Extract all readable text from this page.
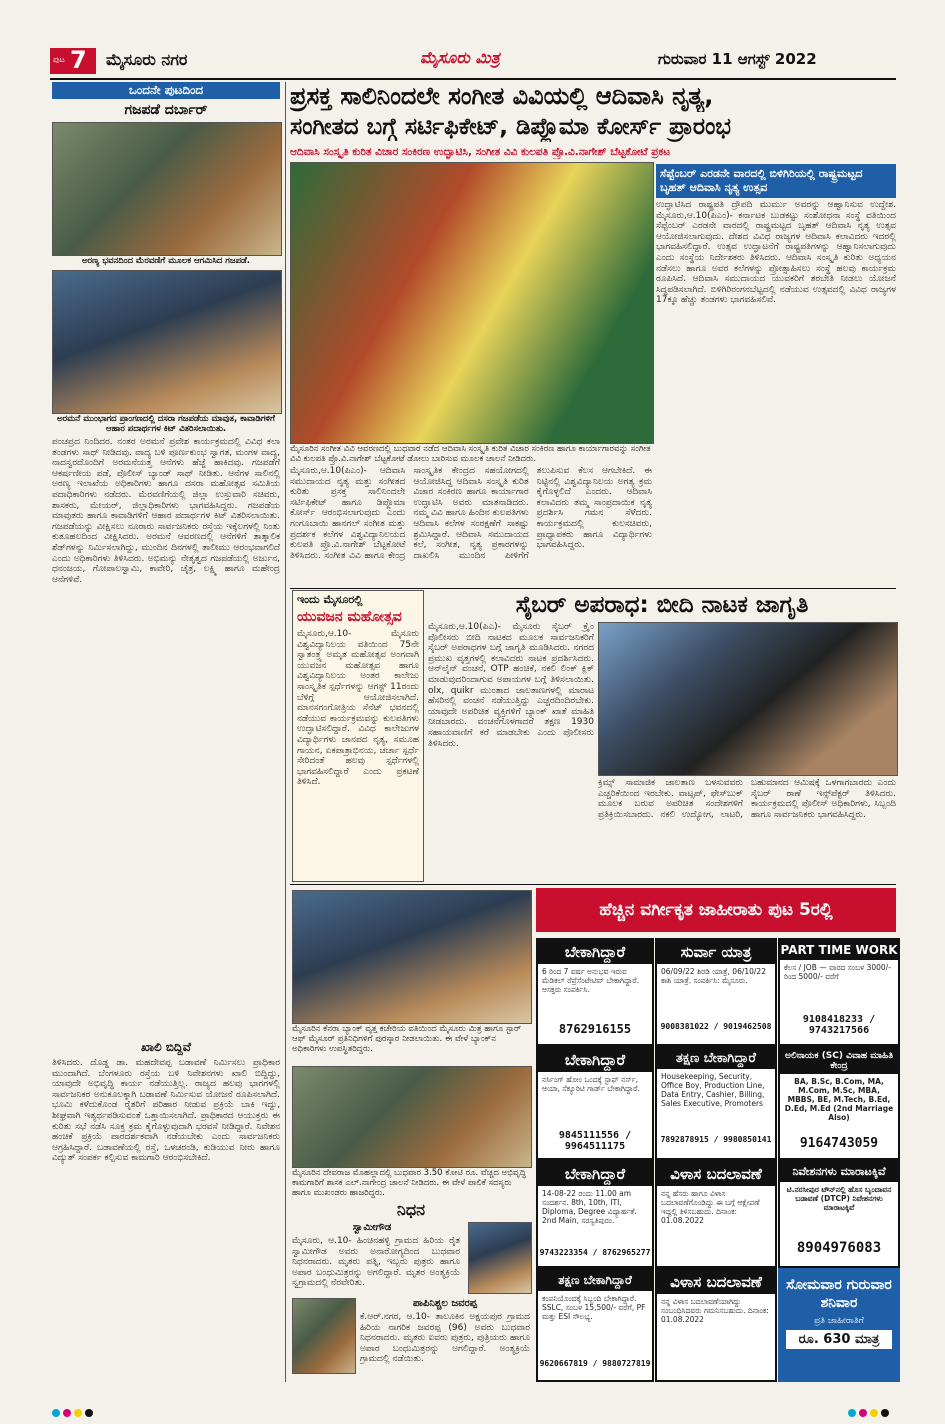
ಪುಟ 7 ಮೈಸೂರು ನಗರ	ಮೈಸೂರು ಮಿತ್ರ	ಗುರುವಾರ 11 ಆಗಸ್ಟ್ 2022
ಒಂದನೇ ಪುಟದಿಂದ
ಗಜಪಡೆ ದರ್ಬಾರ್
ಅರಣ್ಯ ಭವನದಿಂದ ಮೆರವಣಿಗೆ ಮೂಲಕ ಆಗಮಿಸಿದ ಗಜಪಡೆ.
ಅರಮನೆ ಮುಂಭಾಗದ ಪ್ರಾಂಗಣದಲ್ಲಿ ದಸರಾ ಗಜಪಡೆಯ ಮಾವುತ, ಕಾವಾಡಿಗಳಿಗೆ ಆಹಾರ ಪದಾರ್ಥಗಳ ಕಿಟ್ ವಿತರಿಸಲಾಯಿತು.
ಪಂಚಪ್ರದ ನಿಂದಿದರ. ನಂತರ ಅರಮನೆ ಪ್ರವೇಶ ಕಾರ್ಯಕ್ರಮದಲ್ಲಿ ವಿವಿಧ ಕಲಾ ತಂಡಗಳು ಸಾಥ್ ನೀಡಿದವು. ವಾದ್ಯ ಬಳಿ ಪೂರ್ಣಕುಂಭ ಸ್ವಾಗತ, ಮಂಗಳ ವಾದ್ಯ, ನಾದಸ್ವರದೊಂದಿಗೆ ಅರಮನೆಯತ್ತ ಆನೆಗಳು ಹೆಜ್ಜೆ ಹಾಕಿದವು. ಗಜಪಡೆಗೆ ಆಕರ್ಷಣೀಯ ಪಡೆ, ಪೊಲೀಸ್ ಬ್ಯಾಂಡ್ ಸಾಥ್ ನೀಡಿತು. ಆನೆಗಳ ಸಾಲಿನಲ್ಲಿ ಅರಣ್ಯ ಇಲಾಖೆಯ ಅಧಿಕಾರಿಗಳು ಹಾಗೂ ದಸರಾ ಮಹೋತ್ಸವ ಸಮಿತಿಯ ಪದಾಧಿಕಾರಿಗಳು ನಡೆದರು. ಮೆರವಣಿಗೆಯಲ್ಲಿ ಜಿಲ್ಲಾ ಉಸ್ತುವಾರಿ ಸಚಿವರು, ಶಾಸಕರು, ಮೇಯರ್, ಜಿಲ್ಲಾಧಿಕಾರಿಗಳು ಭಾಗವಹಿಸಿದ್ದರು. ಗಜಪಡೆಯ ಮಾವುತರು ಹಾಗೂ ಕಾವಾಡಿಗಳಿಗೆ ಆಹಾರ ಪದಾರ್ಥಗಳ ಕಿಟ್ ವಿತರಿಸಲಾಯಿತು. ಗಜಪಡೆಯನ್ನು ವೀಕ್ಷಿಸಲು ನೂರಾರು ಸಾರ್ವಜನಿಕರು ರಸ್ತೆಯ ಇಕ್ಕೆಲಗಳಲ್ಲಿ ನಿಂತು ಕುತೂಹಲದಿಂದ ವೀಕ್ಷಿಸಿದರು. ಅರಮನೆ ಆವರಣದಲ್ಲಿ ಆನೆಗಳಿಗೆ ತಾತ್ಕಾಲಿಕ ಶೆಡ್‌ಗಳನ್ನು ನಿರ್ಮಿಸಲಾಗಿದ್ದು, ಮುಂದಿನ ದಿನಗಳಲ್ಲಿ ತಾಲೀಮು ಆರಂಭವಾಗಲಿದೆ ಎಂದು ಅಧಿಕಾರಿಗಳು ತಿಳಿಸಿದರು. ಅಭಿಮನ್ಯು ನೇತೃತ್ವದ ಗಜಪಡೆಯಲ್ಲಿ ಅರ್ಜುನ, ಧನಂಜಯ, ಗೋಪಾಲಸ್ವಾಮಿ, ಕಾವೇರಿ, ಚೈತ್ರ, ಲಕ್ಷ್ಮಿ ಹಾಗೂ ಮಹೇಂದ್ರ ಆನೆಗಳಿವೆ.
ಖಾಲಿ ಬಿದ್ದಿವೆ
ತಿಳಿಸಿದರು. ದೊಡ್ಡ ಡಾ. ಮಹದೇವಪ್ಪ ಬಡಾವಣೆ ನಿರ್ಮಿಸಲು ಪ್ರಾಧಿಕಾರ ಮುಂದಾಗಿದೆ. ಬೆಂಗಳೂರು ರಸ್ತೆಯ ಬಳಿ ನಿವೇಶನಗಳು ಖಾಲಿ ಬಿದ್ದಿದ್ದು, ಯಾವುದೇ ಅಭಿವೃದ್ಧಿ ಕಾರ್ಯ ನಡೆಯುತ್ತಿಲ್ಲ. ರಾಜ್ಯದ ಹಲವು ಭಾಗಗಳಲ್ಲಿ ಸಾರ್ವಜನಿಕರ ಅನುಕೂಲಕ್ಕಾಗಿ ಬಡಾವಣೆ ನಿರ್ಮಿಸುವ ಯೋಜನೆ ರೂಪಿಸಲಾಗಿದೆ. ಭೂಮಿ ಕಳೆದುಕೊಂಡ ರೈತರಿಗೆ ಪರಿಹಾರ ನೀಡುವ ಪ್ರಕ್ರಿಯೆ ಬಾಕಿ ಇದ್ದು, ಶೀಘ್ರವಾಗಿ ಇತ್ಯರ್ಥಪಡಿಸುವಂತೆ ಒತ್ತಾಯಿಸಲಾಗಿದೆ. ಪ್ರಾಧಿಕಾರದ ಆಯುಕ್ತರು ಈ ಕುರಿತು ಸಭೆ ನಡೆಸಿ ಸೂಕ್ತ ಕ್ರಮ ಕೈಗೊಳ್ಳುವುದಾಗಿ ಭರವಸೆ ನೀಡಿದ್ದಾರೆ. ನಿವೇಶನ ಹಂಚಿಕೆ ಪ್ರಕ್ರಿಯೆ ಪಾರದರ್ಶಕವಾಗಿ ನಡೆಯಬೇಕು ಎಂದು ಸಾರ್ವಜನಿಕರು ಆಗ್ರಹಿಸಿದ್ದಾರೆ. ಬಡಾವಣೆಯಲ್ಲಿ ರಸ್ತೆ, ಒಳಚರಂಡಿ, ಕುಡಿಯುವ ನೀರು ಹಾಗೂ ವಿದ್ಯುತ್ ಸಂಪರ್ಕ ಕಲ್ಪಿಸುವ ಕಾಮಗಾರಿ ಆರಂಭಿಸಬೇಕಿದೆ.
ಪ್ರಸಕ್ತ ಸಾಲಿನಿಂದಲೇ ಸಂಗೀತ ವಿವಿಯಲ್ಲಿ ಆದಿವಾಸಿ ನೃತ್ಯ,
ಸಂಗೀತದ ಬಗ್ಗೆ ಸರ್ಟಿಫಿಕೇಟ್, ಡಿಪ್ಲೊಮಾ ಕೋರ್ಸ್ ಪ್ರಾರಂಭ
ಆದಿವಾಸಿ ಸಂಸ್ಕೃತಿ ಕುರಿತ ವಿಚಾರ ಸಂಕಿರಣ ಉದ್ಘಾಟಿಸಿ, ಸಂಗೀತ ವಿವಿ ಕುಲಪತಿ ಪ್ರೊ.ವಿ.ನಾಗೇಶ್ ಬೆಟ್ಟಕೋಟೆ ಪ್ರಕಟ
ಮೈಸೂರಿನ ಸಂಗೀತ ವಿವಿ ಆವರಣದಲ್ಲಿ ಬುಧವಾರ ನಡೆದ ಆದಿವಾಸಿ ಸಂಸ್ಕೃತಿ ಕುರಿತ ವಿಚಾರ ಸಂಕಿರಣ ಹಾಗೂ ಕಾರ್ಯಾಗಾರವನ್ನು ಸಂಗೀತ ವಿವಿ ಕುಲಪತಿ ಪ್ರೊ.ವಿ.ನಾಗೇಶ್ ಬೆಟ್ಟಕೋಟೆ ಡೋಲು ಬಾರಿಸುವ ಮೂಲಕ ಚಾಲನೆ ನೀಡಿದರು.
ಮೈಸೂರು,ಆ.10(ಪಿಎಂ)- ಆದಿವಾಸಿ ಸಮುದಾಯದ ನೃತ್ಯ ಮತ್ತು ಸಂಗೀತದ ಕುರಿತು ಪ್ರಸಕ್ತ ಸಾಲಿನಿಂದಲೇ ಸರ್ಟಿಫಿಕೇಟ್ ಹಾಗೂ ಡಿಪ್ಲೊಮಾ ಕೋರ್ಸ್ ಆರಂಭಿಸಲಾಗುವುದು ಎಂದು ಗಂಗೂಬಾಯಿ ಹಾನಗಲ್ ಸಂಗೀತ ಮತ್ತು ಪ್ರದರ್ಶಕ ಕಲೆಗಳ ವಿಶ್ವವಿದ್ಯಾನಿಲಯದ ಕುಲಪತಿ ಪ್ರೊ.ವಿ.ನಾಗೇಶ್ ಬೆಟ್ಟಕೋಟೆ ತಿಳಿಸಿದರು. ಸಂಗೀತ ವಿವಿ ಹಾಗೂ ಕೇಂದ್ರ ಸಾಂಸ್ಕೃತಿಕ ಕೇಂದ್ರದ ಸಹಯೋಗದಲ್ಲಿ ಆಯೋಜಿಸಿದ್ದ ಆದಿವಾಸಿ ಸಂಸ್ಕೃತಿ ಕುರಿತ ವಿಚಾರ ಸಂಕಿರಣ ಹಾಗೂ ಕಾರ್ಯಾಗಾರ ಉದ್ಘಾಟಿಸಿ ಅವರು ಮಾತನಾಡಿದರು. ನಮ್ಮ ವಿವಿ ಹಾಗೂ ಹಿಂದಿನ ಕುಲಪತಿಗಳು ಆದಿವಾಸಿ ಕಲೆಗಳ ಸಂರಕ್ಷಣೆಗೆ ಸಾಕಷ್ಟು ಶ್ರಮಿಸಿದ್ದಾರೆ. ಆದಿವಾಸಿ ಸಮುದಾಯದ ಕಲೆ, ಸಂಗೀತ, ನೃತ್ಯ ಪ್ರಕಾರಗಳನ್ನು ದಾಖಲಿಸಿ ಮುಂದಿನ ಪೀಳಿಗೆಗೆ ತಲುಪಿಸುವ ಕೆಲಸ ಆಗಬೇಕಿದೆ. ಈ ನಿಟ್ಟಿನಲ್ಲಿ ವಿಶ್ವವಿದ್ಯಾನಿಲಯ ಅಗತ್ಯ ಕ್ರಮ ಕೈಗೊಳ್ಳಲಿದೆ ಎಂದರು. ಆದಿವಾಸಿ ಕಲಾವಿದರು ತಮ್ಮ ಸಾಂಪ್ರದಾಯಿಕ ನೃತ್ಯ ಪ್ರದರ್ಶಿಸಿ ಗಮನ ಸೆಳೆದರು. ಕಾರ್ಯಕ್ರಮದಲ್ಲಿ ಕುಲಸಚಿವರು, ಪ್ರಾಧ್ಯಾಪಕರು ಹಾಗೂ ವಿದ್ಯಾರ್ಥಿಗಳು ಭಾಗವಹಿಸಿದ್ದರು.
ಸೆಪ್ಟೆಂಬರ್ ಎರಡನೇ ವಾರದಲ್ಲಿ ಬಿಳಿಗಿರಿಯಲ್ಲಿ ರಾಷ್ಟ್ರಮಟ್ಟದ ಬೃಹತ್ ಆದಿವಾಸಿ ನೃತ್ಯ ಉತ್ಸವ
ಉದ್ಘಾಟಿಸಿದ ರಾಷ್ಟ್ರಪತಿ ದ್ರೌಪದಿ ಮುರ್ಮು ಅವರನ್ನು ಆಹ್ವಾನಿಸುವ ಉದ್ದೇಶ. ಮೈಸೂರು,ಆ.10(ಪಿಎಂ)- ಕರ್ನಾಟಕ ಬುಡಕಟ್ಟು ಸಂಶೋಧನಾ ಸಂಸ್ಥೆ ವತಿಯಿಂದ ಸೆಪ್ಟೆಂಬರ್ ಎರಡನೇ ವಾರದಲ್ಲಿ ರಾಷ್ಟ್ರಮಟ್ಟದ ಬೃಹತ್ ಆದಿವಾಸಿ ನೃತ್ಯ ಉತ್ಸವ ಆಯೋಜಿಸಲಾಗುವುದು. ದೇಶದ ವಿವಿಧ ರಾಜ್ಯಗಳ ಆದಿವಾಸಿ ಕಲಾವಿದರು ಇದರಲ್ಲಿ ಭಾಗವಹಿಸಲಿದ್ದಾರೆ. ಉತ್ಸವ ಉದ್ಘಾಟನೆಗೆ ರಾಷ್ಟ್ರಪತಿಗಳನ್ನು ಆಹ್ವಾನಿಸಲಾಗುವುದು ಎಂದು ಸಂಸ್ಥೆಯ ನಿರ್ದೇಶಕರು ತಿಳಿಸಿದರು. ಆದಿವಾಸಿ ಸಂಸ್ಕೃತಿ ಕುರಿತು ಅಧ್ಯಯನ ನಡೆಸಲು ಹಾಗೂ ಅವರ ಕಲೆಗಳನ್ನು ಪ್ರೋತ್ಸಾಹಿಸಲು ಸಂಸ್ಥೆ ಹಲವು ಕಾರ್ಯಕ್ರಮ ರೂಪಿಸಿದೆ. ಆದಿವಾಸಿ ಸಮುದಾಯದ ಯುವಕರಿಗೆ ತರಬೇತಿ ನೀಡಲು ಯೋಜನೆ ಸಿದ್ಧಪಡಿಸಲಾಗಿದೆ. ಬಿಳಿಗಿರಿರಂಗನಬೆಟ್ಟದಲ್ಲಿ ನಡೆಯುವ ಉತ್ಸವದಲ್ಲಿ ವಿವಿಧ ರಾಜ್ಯಗಳ 17ಕ್ಕೂ ಹೆಚ್ಚು ತಂಡಗಳು ಭಾಗವಹಿಸಲಿವೆ.
ಇಂದು ಮೈಸೂರಲ್ಲಿ
ಯುವಜನ ಮಹೋತ್ಸವ
ಮೈಸೂರು,ಆ.10- ಮೈಸೂರು ವಿಶ್ವವಿದ್ಯಾನಿಲಯ ವತಿಯಿಂದ 75ನೇ ಸ್ವಾತಂತ್ರ್ಯ ಅಮೃತ ಮಹೋತ್ಸವ ಅಂಗವಾಗಿ ಯುವಜನ ಮಹೋತ್ಸವ ಹಾಗೂ ವಿಶ್ವವಿದ್ಯಾನಿಲಯ ಅಂತರ ಕಾಲೇಜು ಸಾಂಸ್ಕೃತಿಕ ಸ್ಪರ್ಧೆಗಳನ್ನು ಆಗಸ್ಟ್ 11ರಂದು ಬೆಳಿಗ್ಗೆ ಆಯೋಜಿಸಲಾಗಿದೆ. ಮಾನಸಗಂಗೋತ್ರಿಯ ಸೆನೆಟ್ ಭವನದಲ್ಲಿ ನಡೆಯುವ ಕಾರ್ಯಕ್ರಮವನ್ನು ಕುಲಪತಿಗಳು ಉದ್ಘಾಟಿಸಲಿದ್ದಾರೆ. ವಿವಿಧ ಕಾಲೇಜುಗಳ ವಿದ್ಯಾರ್ಥಿಗಳು ಜಾನಪದ ನೃತ್ಯ, ಸಮೂಹ ಗಾಯನ, ಏಕಪಾತ್ರಾಭಿನಯ, ಚರ್ಚಾ ಸ್ಪರ್ಧೆ ಸೇರಿದಂತೆ ಹಲವು ಸ್ಪರ್ಧೆಗಳಲ್ಲಿ ಭಾಗವಹಿಸಲಿದ್ದಾರೆ ಎಂದು ಪ್ರಕಟಣೆ ತಿಳಿಸಿದೆ.
ಸೈಬರ್ ಅಪರಾಧ: ಬೀದಿ ನಾಟಕ ಜಾಗೃತಿ
ಮೈಸೂರು,ಆ.10(ಪಿಎ)- ಮೈಸೂರು ಸೈಬರ್ ಕ್ರೈಂ ಪೊಲೀಸರು ಬೀದಿ ನಾಟಕದ ಮೂಲಕ ಸಾರ್ವಜನಿಕರಿಗೆ ಸೈಬರ್ ಅಪರಾಧಗಳ ಬಗ್ಗೆ ಜಾಗೃತಿ ಮೂಡಿಸಿದರು. ನಗರದ ಪ್ರಮುಖ ವೃತ್ತಗಳಲ್ಲಿ ಕಲಾವಿದರು ನಾಟಕ ಪ್ರದರ್ಶಿಸಿದರು. ಆನ್‌ಲೈನ್ ವಂಚನೆ, OTP ಹಂಚಿಕೆ, ನಕಲಿ ಲಿಂಕ್ ಕ್ಲಿಕ್ ಮಾಡುವುದರಿಂದಾಗುವ ಅಪಾಯಗಳ ಬಗ್ಗೆ ತಿಳಿಸಲಾಯಿತು. olx, quikr ಮುಂತಾದ ಜಾಲತಾಣಗಳಲ್ಲಿ ಮಾರಾಟ ಹೆಸರಿನಲ್ಲಿ ವಂಚನೆ ನಡೆಯುತ್ತಿದ್ದು ಎಚ್ಚರದಿಂದಿರಬೇಕು. ಯಾವುದೇ ಅಪರಿಚಿತ ವ್ಯಕ್ತಿಗಳಿಗೆ ಬ್ಯಾಂಕ್ ಖಾತೆ ಮಾಹಿತಿ ನೀಡಬಾರದು. ವಂಚನೆಗೊಳಗಾದರೆ ತಕ್ಷಣ 1930 ಸಹಾಯವಾಣಿಗೆ ಕರೆ ಮಾಡಬೇಕು ಎಂದು ಪೊಲೀಸರು ತಿಳಿಸಿದರು.
ಕ್ರಿಮ್ಸ್ ಸಾಮಾಜಿಕ ಜಾಲತಾಣ ಬಳಸುವವರು ಎಚ್ಚರಿಕೆಯಿಂದ ಇರಬೇಕು. ವಾಟ್ಸಪ್, ಫೇಸ್‌ಬುಕ್ ಮೂಲಕ ಬರುವ ಅಪರಿಚಿತ ಸಂದೇಶಗಳಿಗೆ ಪ್ರತಿಕ್ರಿಯಿಸಬಾರದು. ನಕಲಿ ಉದ್ಯೋಗ, ಲಾಟರಿ, ಬಹುಮಾನದ ಆಮಿಷಕ್ಕೆ ಒಳಗಾಗಬಾರದು ಎಂದು ಸೈಬರ್ ಠಾಣೆ ಇನ್ಸ್‌ಪೆಕ್ಟರ್ ತಿಳಿಸಿದರು. ಕಾರ್ಯಕ್ರಮದಲ್ಲಿ ಪೊಲೀಸ್ ಅಧಿಕಾರಿಗಳು, ಸಿಬ್ಬಂದಿ ಹಾಗೂ ಸಾರ್ವಜನಿಕರು ಭಾಗವಹಿಸಿದ್ದರು.
ಮೈಸೂರಿನ ಕೆನರಾ ಬ್ಯಾಂಕ್ ವೃತ್ತ ಕಚೇರಿಯ ವತಿಯಿಂದ ಮೈಸೂರು ಮಿತ್ರ ಹಾಗೂ ಸ್ಟಾರ್ ಆಫ್ ಮೈಸೂರ್ ಪ್ರತಿನಿಧಿಗಳಿಗೆ ಪುರಸ್ಕಾರ ನೀಡಲಾಯಿತು. ಈ ವೇಳೆ ಬ್ಯಾಂಕ್‌ನ ಅಧಿಕಾರಿಗಳು ಉಪಸ್ಥಿತರಿದ್ದರು.
ಮೈಸೂರಿನ ದೇವರಾಜ ಮೊಹಲ್ಲಾದಲ್ಲಿ ಬುಧವಾರ 3.50 ಕೋಟಿ ರೂ. ವೆಚ್ಚದ ಅಭಿವೃದ್ಧಿ ಕಾಮಗಾರಿಗೆ ಶಾಸಕ ಎಲ್.ನಾಗೇಂದ್ರ ಚಾಲನೆ ನೀಡಿದರು. ಈ ವೇಳೆ ಪಾಲಿಕೆ ಸದಸ್ಯರು ಹಾಗೂ ಮುಖಂಡರು ಹಾಜರಿದ್ದರು.
ನಿಧನ
ಸ್ವಾಮೀಗೌಡ
ಮೈಸೂರು, ಆ.10- ಹಿಂಚಿನಹಳ್ಳಿ ಗ್ರಾಮದ ಹಿರಿಯ ರೈತ ಸ್ವಾಮೀಗೌಡ ಅವರು ಅನಾರೋಗ್ಯದಿಂದ ಬುಧವಾರ ನಿಧನರಾದರು. ಮೃತರು ಪತ್ನಿ, ಇಬ್ಬರು ಪುತ್ರರು ಹಾಗೂ ಅಪಾರ ಬಂಧುಮಿತ್ರರನ್ನು ಅಗಲಿದ್ದಾರೆ. ಮೃತರ ಅಂತ್ಯಕ್ರಿಯೆ ಸ್ವಗ್ರಾಮದಲ್ಲಿ ನೆರವೇರಿತು.
ಪಾಪಿನಿಶ್ಚಲ ಜವರಪ್ಪ
ಕೆ.ಆರ್.ನಗರ, ಆ.10- ತಾಲೂಕಿನ ಅಕ್ಷಯಪುರ ಗ್ರಾಮದ ಹಿರಿಯ ನಾಗರಿಕ ಜವರಪ್ಪ (96) ಅವರು ಬುಧವಾರ ನಿಧನರಾದರು. ಮೃತರು ಐವರು ಪುತ್ರರು, ಪುತ್ರಿಯರು ಹಾಗೂ ಅಪಾರ ಬಂಧುಮಿತ್ರರನ್ನು ಅಗಲಿದ್ದಾರೆ. ಅಂತ್ಯಕ್ರಿಯೆ ಗ್ರಾಮದಲ್ಲಿ ನಡೆಯಿತು.
ಹೆಚ್ಚಿನ ವರ್ಗೀಕೃತ ಜಾಹೀರಾತು ಪುಟ 5ರಲ್ಲಿ
ಬೇಕಾಗಿದ್ದಾರೆ
6 ರಿಂದ 7 ವರ್ಷ ಅನುಭವ ಇರುವ ಮೆಡಿಕಲ್ ರೆಪ್ರೆಸೆಂಟೇಟಿವ್ ಬೇಕಾಗಿದ್ದಾರೆ. ಆಸಕ್ತರು ಸಂಪರ್ಕಿಸಿ.
8762916155
ಸುರ್ವಾ ಯಾತ್ರ
06/09/22 ಶಿರಡಿ ಯಾತ್ರೆ, 06/10/22 ಕಾಶಿ ಯಾತ್ರೆ. ಸಂಪರ್ಕಿಸಿ: ಮೈಸೂರು.
9008381022 / 9019462508
PART TIME WORK
ಕೆಲಸ / JOB — ವಾರದ ಸಂಬಳ 3000/- ರಿಂದ 5000/- ವರೆಗೆ
9108418233 / 9743217566
ಬೇಕಾಗಿದ್ದಾರೆ
ನರ್ಸಿಂಗ್ ಹೋಂ ಒಂದಕ್ಕೆ ಸ್ಟಾಫ್ ನರ್ಸ್, ಆಯಾ, ಸೆಕ್ಯೂರಿಟಿ ಗಾರ್ಡ್ ಬೇಕಾಗಿದ್ದಾರೆ.
9845111556 / 9964511175
ತಕ್ಷಣ ಬೇಕಾಗಿದ್ದಾರೆ
Housekeeping, Security, Office Boy, Production Line, Data Entry, Cashier, Billing, Sales Executive, Promoters
7892878915 / 9980850141
ಅಲಿನಾಯಕ (SC) ವಿವಾಹ ಮಾಹಿತಿ ಕೇಂದ್ರ
BA, B.Sc, B.Com, MA, M.Com, M.Sc, MBA, MBBS, BE, M.Tech, B.Ed, D.Ed, M.Ed (2nd Marriage Also)
9164743059
ಬೇಕಾಗಿದ್ದಾರೆ
14-08-22 ರಂದು 11.00 am ಸಂದರ್ಶನ. 8th, 10th, ITI, Diploma, Degree ವಿದ್ಯಾರ್ಹತೆ. 2nd Main, ಸರಸ್ವತಿಪುರಂ.
9743223354 / 8762965277
ವಿಳಾಸ ಬದಲಾವಣೆ
ನನ್ನ ಹೆಸರು ಹಾಗೂ ವಿಳಾಸ ಬದಲಾವಣೆಗೊಂಡಿದ್ದು ಈ ಬಗ್ಗೆ ಆಕ್ಷೇಪಣೆ ಇದ್ದಲ್ಲಿ ತಿಳಿಸಬಹುದು. ದಿನಾಂಕ: 01.08.2022
ನಿವೇಶನಗಳು ಮಾರಾಟಕ್ಕಿವೆ
ಟಿ.ನರಸೀಪುರ ಟೌನ್‌ನಲ್ಲಿ ಹೊಸ ಬೃಂದಾವನ ಬಡಾವಣೆ (DTCP) ನಿವೇಶನಗಳು ಮಾರಾಟಕ್ಕಿವೆ
8904976083
ತಕ್ಷಣ ಬೇಕಾಗಿದ್ದಾರೆ
ಕಂಪನಿಯೊಂದಕ್ಕೆ ಸಿಬ್ಬಂದಿ ಬೇಕಾಗಿದ್ದಾರೆ. SSLC, ಸಂಬಳ 15,500/- ವರೆಗೆ, PF ಮತ್ತು ESI ಸೌಲಭ್ಯ.
9620667819 / 9880727819
ವಿಳಾಸ ಬದಲಾವಣೆ
ನನ್ನ ವಿಳಾಸ ಬದಲಾವಣೆಯಾಗಿದ್ದು ಸಂಬಂಧಿಸಿದವರು ಗಮನಿಸಬಹುದು. ದಿನಾಂಕ: 01.08.2022
ಸೋಮವಾರ ಗುರುವಾರ ಶನಿವಾರ
ಪ್ರತಿ ಜಾಹೀರಾತಿಗೆ
ರೂ. 630 ಮಾತ್ರ
